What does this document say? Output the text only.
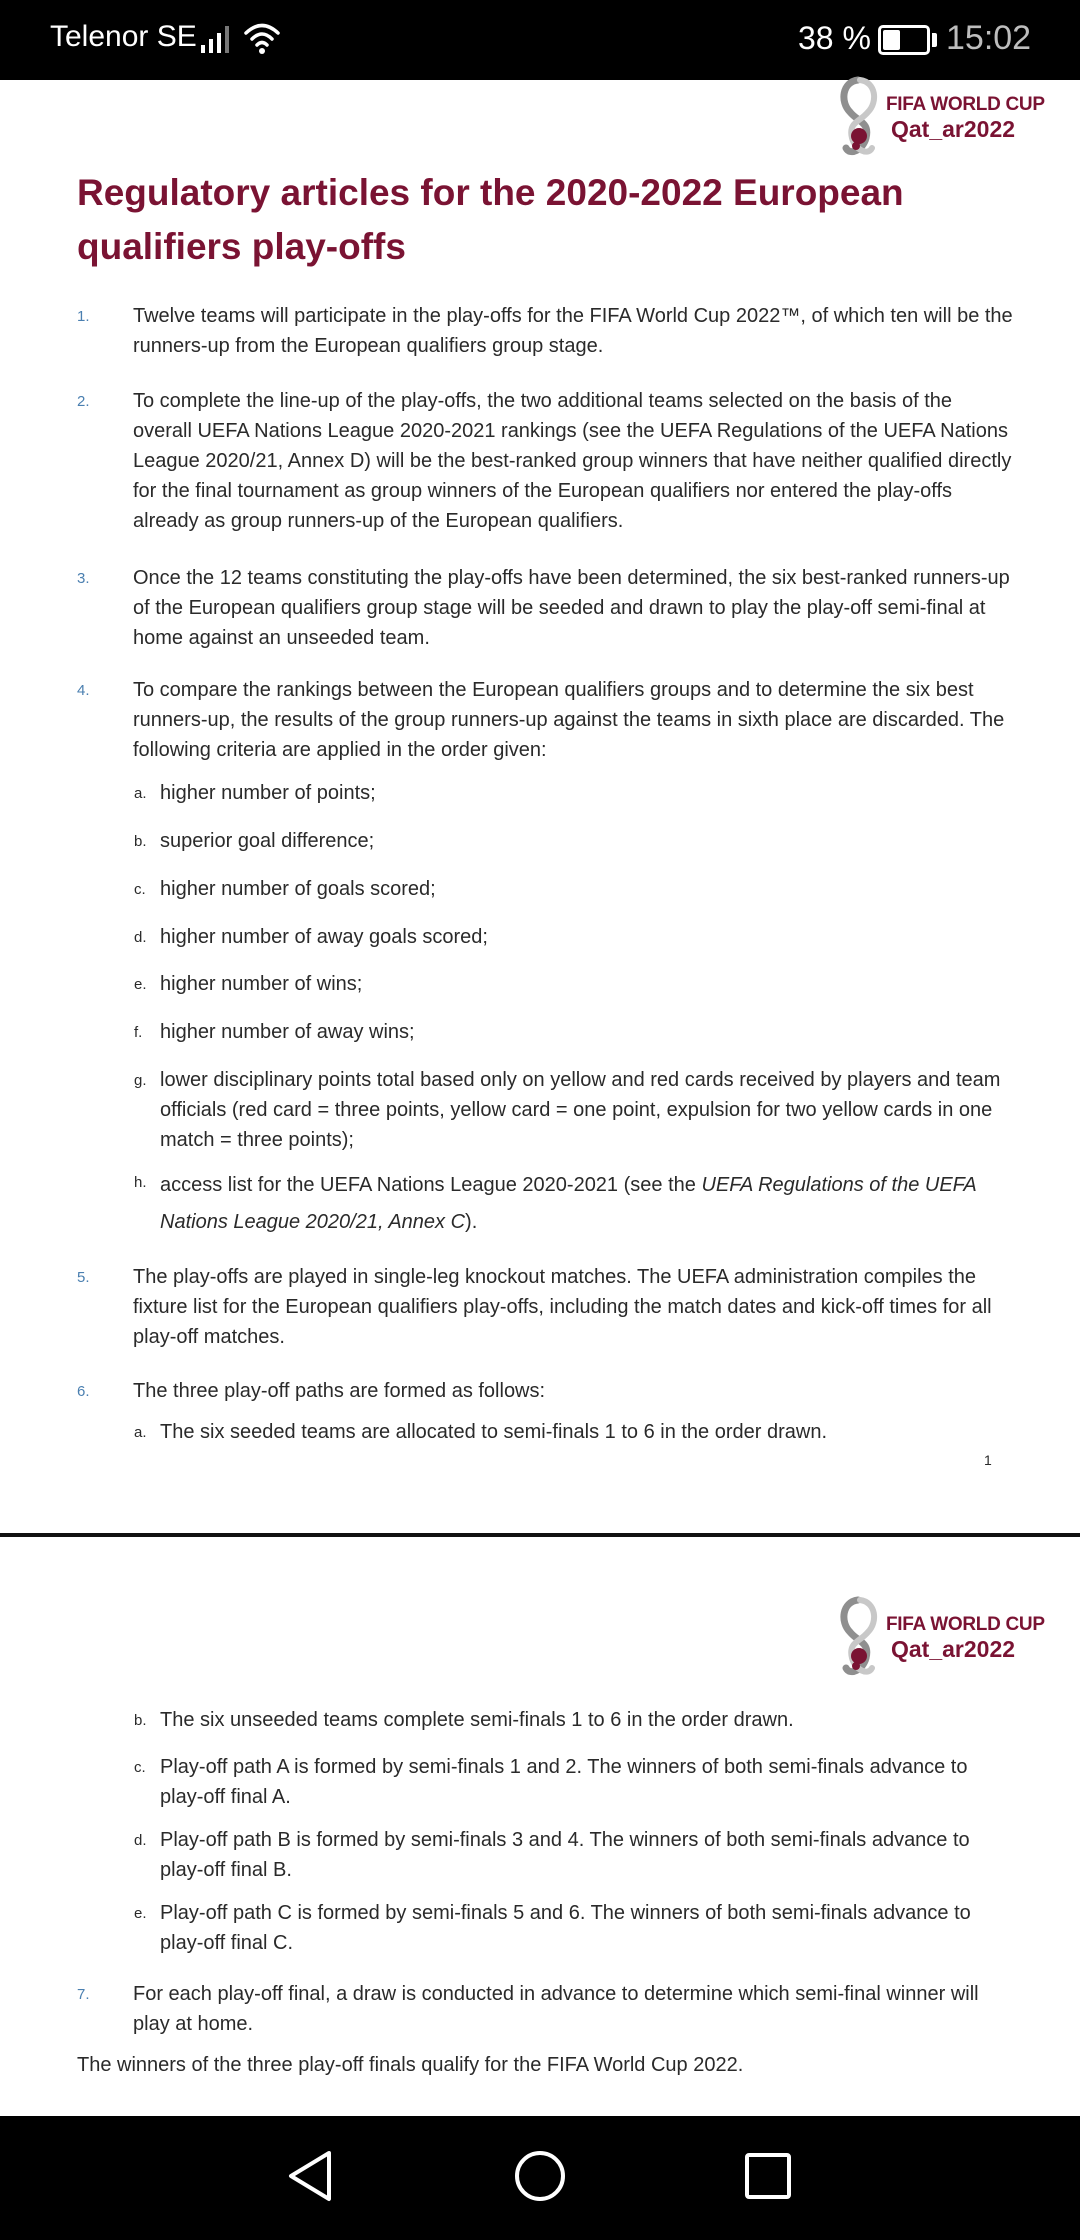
Telenor SE	38 % 15:02
FIFA WORLD CUP
Qat_ar2022
Regulatory articles for the 2020-2022 European qualifiers play-offs
1. Twelve teams will participate in the play-offs for the FIFA World Cup 2022™, of which ten will be the runners-up from the European qualifiers group stage.

2. To complete the line-up of the play-offs, the two additional teams selected on the basis of the overall UEFA Nations League 2020-2021 rankings (see the UEFA Regulations of the UEFA Nations League 2020/21, Annex D) will be the best-ranked group winners that have neither qualified directly for the final tournament as group winners of the European qualifiers nor entered the play-offs already as group runners-up of the European qualifiers.

3. Once the 12 teams constituting the play-offs have been determined, the six best-ranked runners-up of the European qualifiers group stage will be seeded and drawn to play the play-off semi-final at home against an unseeded team.

4. To compare the rankings between the European qualifiers groups and to determine the six best runners-up, the results of the group runners-up against the teams in sixth place are discarded. The following criteria are applied in the order given:

a. higher number of points;

b. superior goal difference;

c. higher number of goals scored;

d. higher number of away goals scored;

e. higher number of wins;

f. higher number of away wins;

g. lower disciplinary points total based only on yellow and red cards received by players and team officials (red card = three points, yellow card = one point, expulsion for two yellow cards in one match = three points);

h. access list for the UEFA Nations League 2020-2021 (see the UEFA Regulations of the UEFA Nations League 2020/21, Annex C).

5. The play-offs are played in single-leg knockout matches. The UEFA administration compiles the fixture list for the European qualifiers play-offs, including the match dates and kick-off times for all play-off matches.

6. The three play-off paths are formed as follows:

a. The six seeded teams are allocated to semi-finals 1 to 6 in the order drawn.

1
FIFA WORLD CUP
Qat_ar2022
b. The six unseeded teams complete semi-finals 1 to 6 in the order drawn.

c. Play-off path A is formed by semi-finals 1 and 2. The winners of both semi-finals advance to play-off final A.

d. Play-off path B is formed by semi-finals 3 and 4. The winners of both semi-finals advance to play-off final B.

e. Play-off path C is formed by semi-finals 5 and 6. The winners of both semi-finals advance to play-off final C.

7. For each play-off final, a draw is conducted in advance to determine which semi-final winner will play at home.

The winners of the three play-off finals qualify for the FIFA World Cup 2022.
